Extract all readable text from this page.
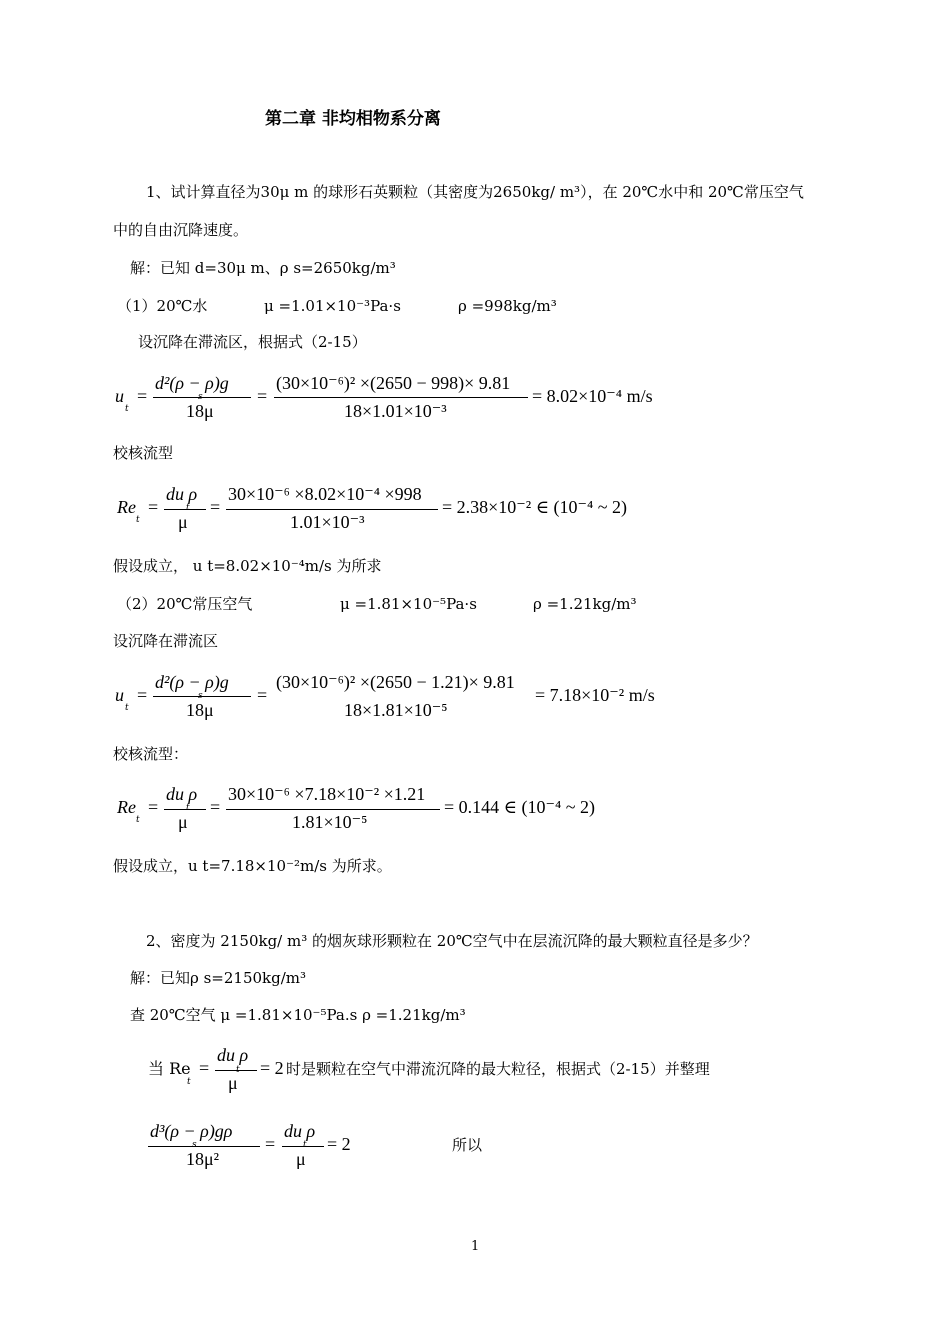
第二章 非均相物系分离
1、试计算直径为30μ m 的球形石英颗粒（其密度为2650kg/ m³），在 20℃水中和 20℃常压空气
中的自由沉降速度。
解：已知 d=30μ m、ρ s=2650kg/m³
（1）20℃水	μ =1.01×10⁻³Pa·s	ρ =998kg/m³
设沉降在滞流区，根据式（2-15）
u
t
=
d²(ρ − ρ)g
s
18μ
=
(30×10⁻⁶)² ×(2650 − 998)× 9.81
18×1.01×10⁻³
= 8.02×10⁻⁴ m/s
校核流型
Re
t
=
du ρ
t
μ
=
30×10⁻⁶ ×8.02×10⁻⁴ ×998
1.01×10⁻³
= 2.38×10⁻² ∈ (10⁻⁴ ~ 2)
假设成立， u t=8.02×10⁻⁴m/s 为所求
（2）20℃常压空气	μ =1.81×10⁻⁵Pa·s	ρ =1.21kg/m³
设沉降在滞流区
u
t
=
d²(ρ − ρ)g
s
18μ
=
(30×10⁻⁶)² ×(2650 − 1.21)× 9.81
18×1.81×10⁻⁵
= 7.18×10⁻² m/s
校核流型：
Re
t
=
du ρ
t
μ
=
30×10⁻⁶ ×7.18×10⁻² ×1.21
1.81×10⁻⁵
= 0.144 ∈ (10⁻⁴ ~ 2)
假设成立，u t=7.18×10⁻²m/s 为所求。
2、密度为 2150kg/ m³ 的烟灰球形颗粒在 20℃空气中在层流沉降的最大颗粒直径是多少？
解：已知ρ s=2150kg/m³
查 20℃空气 μ =1.81×10⁻⁵Pa.s ρ =1.21kg/m³
当 Re
t
=
du ρ
t
μ
= 2 时是颗粒在空气中滞流沉降的最大粒径，根据式（2-15）并整理
d³(ρ − ρ)gρ
s
18μ²
=
du ρ
t
μ
= 2	所以
1
